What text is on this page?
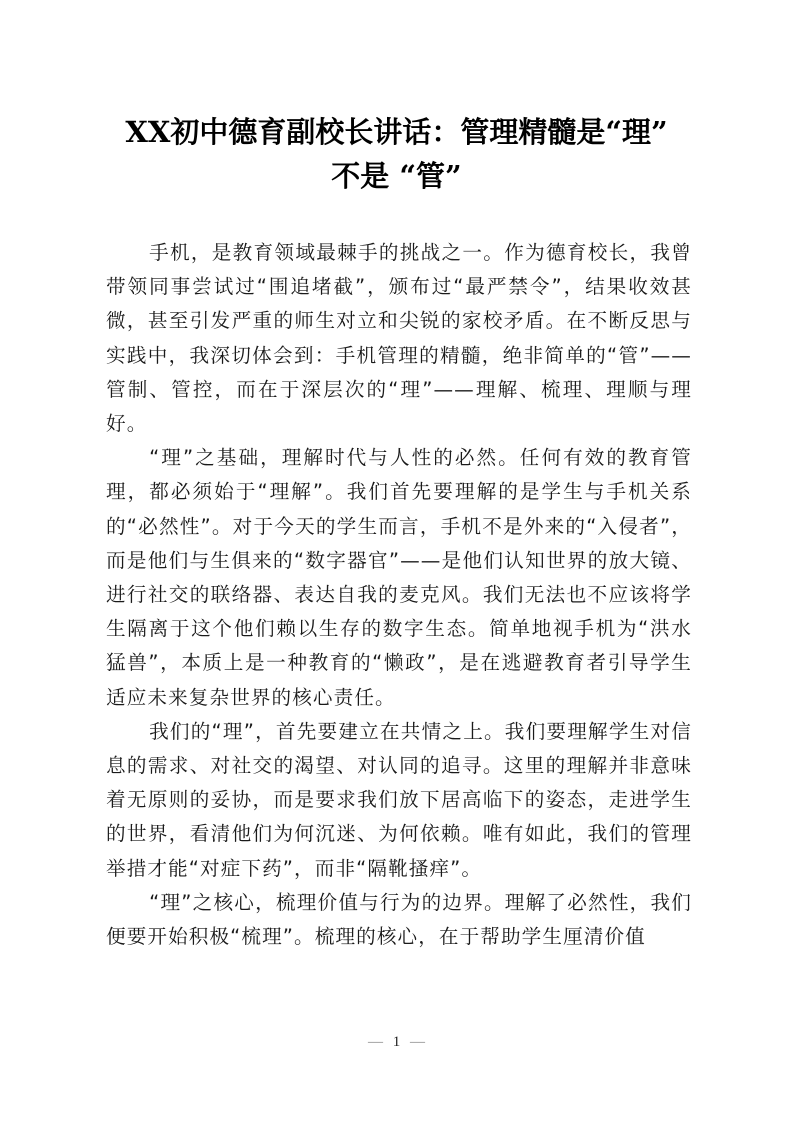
XX初中德育副校长讲话：管理精髓是“理”
不是 “管”

手机，是教育领域最棘手的挑战之一。作为德育校长，我曾带领同事尝试过“围追堵截”，颁布过“最严禁令”，结果收效甚微，甚至引发严重的师生对立和尖锐的家校矛盾。在不断反思与实践中，我深切体会到：手机管理的精髓，绝非简单的“管”——管制、管控，而在于深层次的“理”——理解、梳理、理顺与理好。

“理”之基础，理解时代与人性的必然。任何有效的教育管理，都必须始于“理解”。我们首先要理解的是学生与手机关系的“必然性”。对于今天的学生而言，手机不是外来的“入侵者”，而是他们与生俱来的“数字器官”——是他们认知世界的放大镜、进行社交的联络器、表达自我的麦克风。我们无法也不应该将学生隔离于这个他们赖以生存的数字生态。简单地视手机为“洪水猛兽”，本质上是一种教育的“懒政”，是在逃避教育者引导学生适应未来复杂世界的核心责任。

我们的“理”，首先要建立在共情之上。我们要理解学生对信息的需求、对社交的渴望、对认同的追寻。这里的理解并非意味着无原则的妥协，而是要求我们放下居高临下的姿态，走进学生的世界，看清他们为何沉迷、为何依赖。唯有如此，我们的管理举措才能“对症下药”，而非“隔靴搔痒”。

“理”之核心，梳理价值与行为的边界。理解了必然性，我们便要开始积极“梳理”。梳理的核心，在于帮助学生厘清价值

— 1 —
